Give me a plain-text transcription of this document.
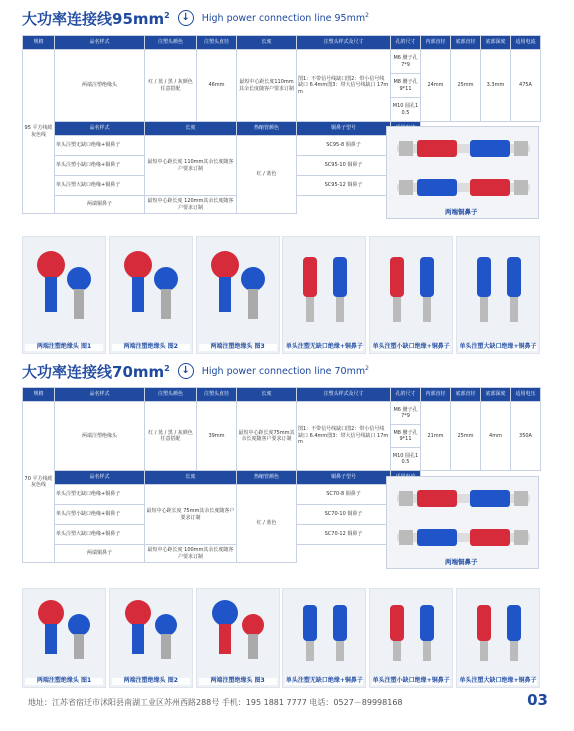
大功率连接线$95mm^2$	↓	High power connection line $95mm^2$
规格	品名样式	注塑头颜色	注塑头直径	长度	注塑头样式及尺寸	孔的尺寸	内部直径	底部直径	底部深度	适用电流
95 平方线缆灰色线	两端注塑绝缘头	红 / 蓝 / 黑 / 灰颜色任意搭配	46mm	最短中心距长度110mm其余长度随客户要求订制	图1：不带信号线缺口图2：带小信号线缺口 6.4mm图3：带大信号线缺口 17mm	M6 腰子孔7*9	24mm	25mm	3.3mm	475A
						M8 腰子孔9*11				
						M10 圆孔10.5				
	品名样式	长度		热缩管颜色	铜鼻子型号		
	单头注塑无缺口绝缘+铜鼻子	最短中心距长度 110mm其余长度随客户要求订制		红 / 蓝色	SC95-8 铜鼻子	
	单头注塑小缺口绝缘+铜鼻子				SC95-10 铜鼻子					
	单头注塑大缺口绝缘+铜鼻子				SC95-12 铜鼻子					
	两端铜鼻子	最短中心距长度 120mm其余长度随客户要求订制								
两端铜鼻子
两端注塑绝缘头 图1	两端注塑绝缘头 图2	两端注塑绝缘头 图3	单头注塑无缺口绝缘+铜鼻子 单头注塑小缺口绝缘+铜鼻子 单头注塑大缺口绝缘+铜鼻子
大功率连接线$70mm^2$	↓	High power connection line $70mm^2$
规格	品名样式	注塑头颜色	注塑头直径	长度	注塑头样式及尺寸	孔的尺寸	内部直径	底部直径	底部深度	适用电压
70 平方线缆灰色线	两端注塑绝缘头	红 / 蓝 / 黑 / 灰颜色任意搭配	39mm	最短中心距长度75mm其余长度随客户要求订制	图1：不带信号线缺口图2：带小信号线缺口 6.4mm图3：带大信号线缺口 17mm	M6 腰子孔7*9	21mm	25mm	4mm	350A
						M8 腰子孔9*11				
						M10 圆孔10.5				
	品名样式	长度		热缩管颜色	铜鼻子型号		
	单头注塑无缺口绝缘+铜鼻子	最短中心距长度 75mm其余长度随客户要求订制		红 / 蓝色	SC70-8 铜鼻子	
	单头注塑小缺口绝缘+铜鼻子				SC70-10 铜鼻子					
	单头注塑大缺口绝缘+铜鼻子				SC70-12 铜鼻子					
	两端铜鼻子	最短中心距长度 100mm其余长度随客户要求订制								
两端铜鼻子
两端注塑绝缘头 图1	两端注塑绝缘头 图2	两端注塑绝缘头 图3	单头注塑无缺口绝缘+铜鼻子 单头注塑小缺口绝缘+铜鼻子 单头注塑大缺口绝缘+铜鼻子
地址：江苏省宿迁市沭阳县南湖工业区苏州西路288号 手机：195 1881 7777 电话：0527－89998168	03
